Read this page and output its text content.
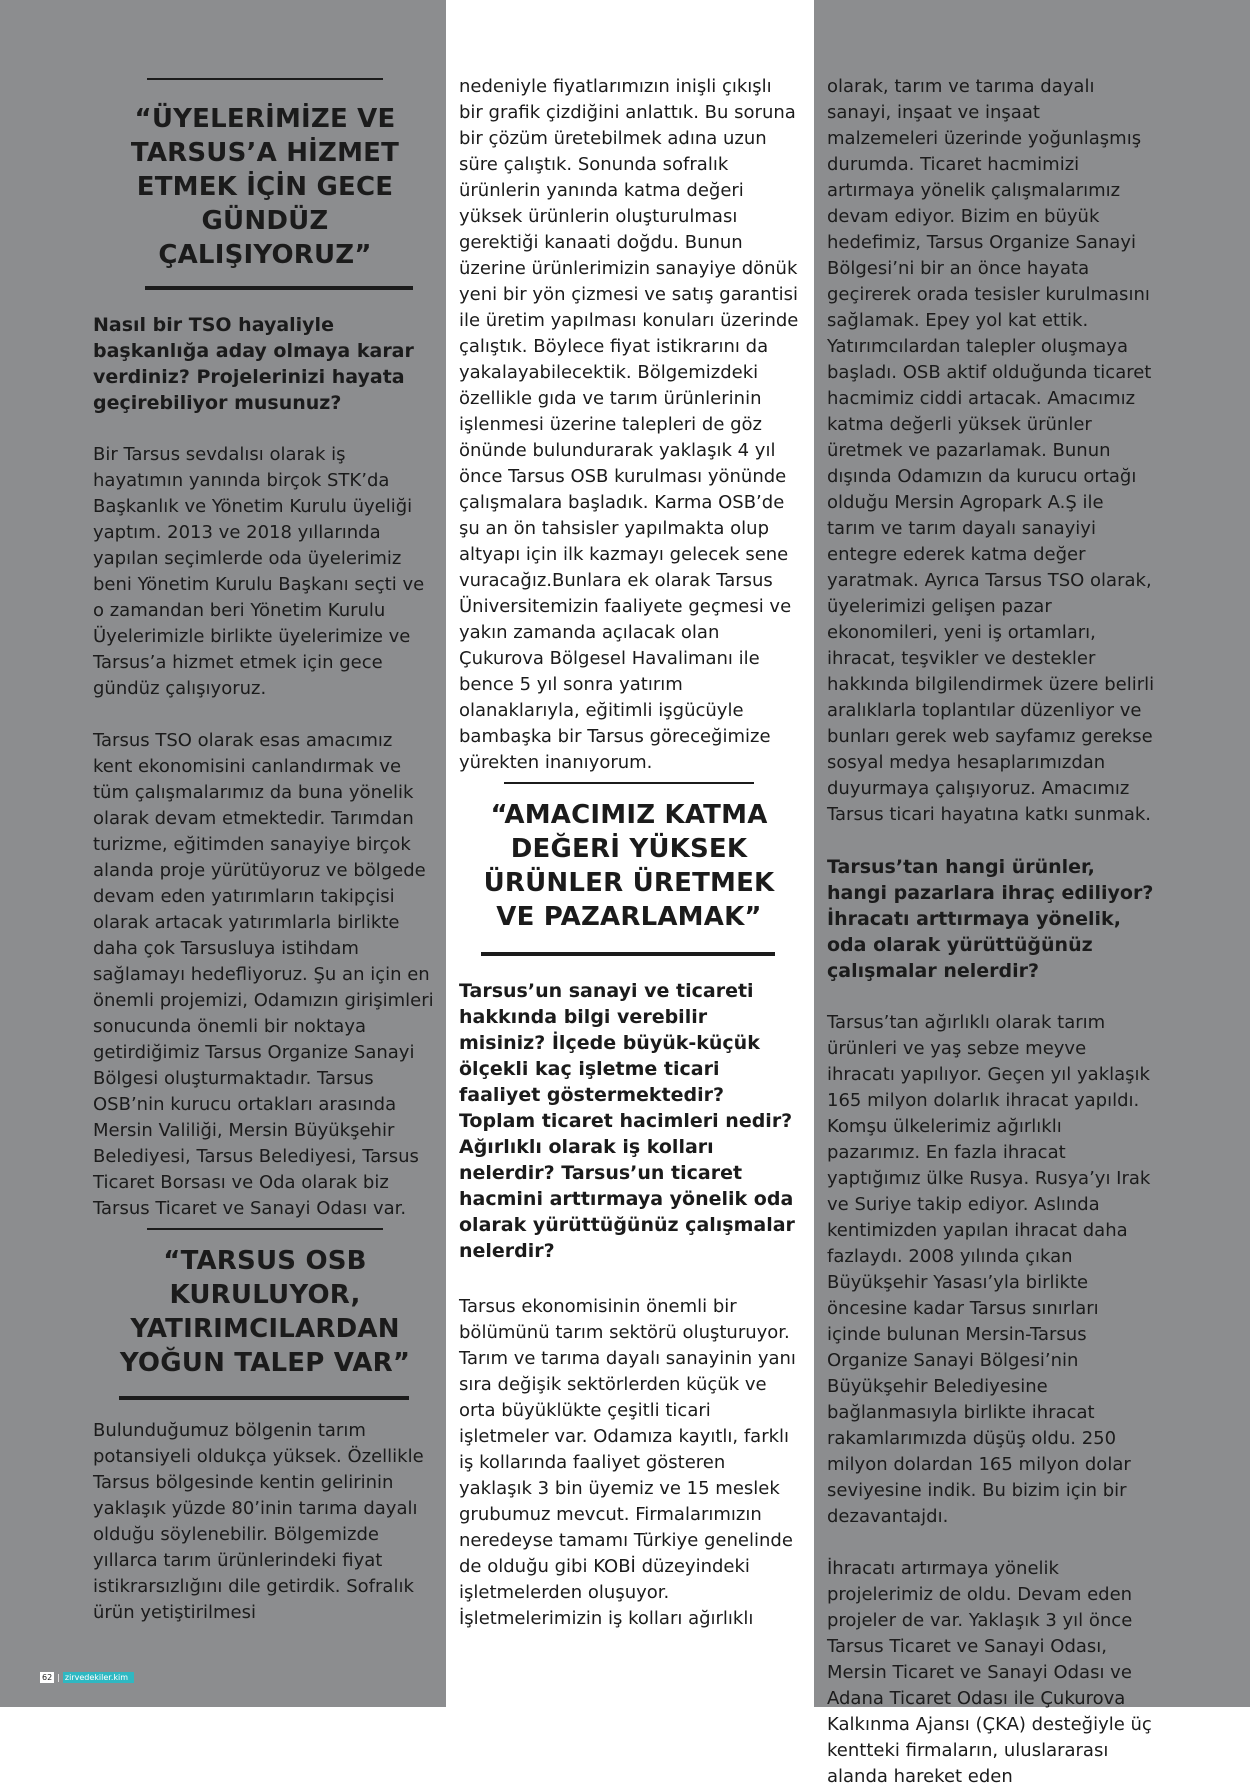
“ÜYELERİMİZE VE TARSUS’A HİZMET ETMEK İÇİN GECE GÜNDÜZ ÇALIŞIYORUZ”

Nasıl bir TSO hayaliyle başkanlığa aday olmaya karar verdiniz? Projelerinizi hayata geçirebiliyor musunuz?

Bir Tarsus sevdalısı olarak iş hayatımın yanında birçok STK’da Başkanlık ve Yönetim Kurulu üyeliği yaptım. 2013 ve 2018 yıllarında yapılan seçimlerde oda üyelerimiz beni Yönetim Kurulu Başkanı seçti ve o zamandan beri Yönetim Kurulu Üyelerimizle birlikte üyelerimize ve Tarsus’a hizmet etmek için gece gündüz çalışıyoruz.

Tarsus TSO olarak esas amacımız kent ekonomisini canlandırmak ve tüm çalışmalarımız da buna yönelik olarak devam etmektedir. Tarımdan turizme, eğitimden sanayiye birçok alanda proje yürütüyoruz ve bölgede devam eden yatırımların takipçisi olarak artacak yatırımlarla birlikte daha çok Tarsusluya istihdam sağlamayı hedefliyoruz. Şu an için en önemli projemizi, Odamızın girişimleri sonucunda önemli bir noktaya getirdiğimiz Tarsus Organize Sanayi Bölgesi oluşturmaktadır. Tarsus OSB’nin kurucu ortakları arasında Mersin Valiliği, Mersin Büyükşehir Belediyesi, Tarsus Belediyesi, Tarsus Ticaret Borsası ve Oda olarak biz Tarsus Ticaret ve Sanayi Odası var.

“TARSUS OSB KURULUYOR, YATIRIMCILARDAN YOĞUN TALEP VAR”

Bulunduğumuz bölgenin tarım potansiyeli oldukça yüksek. Özellikle Tarsus bölgesinde kentin gelirinin yaklaşık yüzde 80’inin tarıma dayalı olduğu söylenebilir. Bölgemizde yıllarca tarım ürünlerindeki fiyat istikrarsızlığını dile getirdik. Sofralık ürün yetiştirilmesi

nedeniyle fiyatlarımızın inişli çıkışlı bir grafik çizdiğini anlattık. Bu soruna bir çözüm üretebilmek adına uzun süre çalıştık. Sonunda sofralık ürünlerin yanında katma değeri yüksek ürünlerin oluşturulması gerektiği kanaati doğdu. Bunun üzerine ürünlerimizin sanayiye dönük yeni bir yön çizmesi ve satış garantisi ile üretim yapılması konuları üzerinde çalıştık. Böylece fiyat istikrarını da yakalayabilecektik. Bölgemizdeki özellikle gıda ve tarım ürünlerinin işlenmesi üzerine talepleri de göz önünde bulundurarak yaklaşık 4 yıl önce Tarsus OSB kurulması yönünde çalışmalara başladık. Karma OSB’de şu an ön tahsisler yapılmakta olup altyapı için ilk kazmayı gelecek sene vuracağız.Bunlara ek olarak Tarsus Üniversitemizin faaliyete geçmesi ve yakın zamanda açılacak olan Çukurova Bölgesel Havalimanı ile bence 5 yıl sonra yatırım olanaklarıyla, eğitimli işgücüyle bambaşka bir Tarsus göreceğimize yürekten inanıyorum.

“AMACIMIZ KATMA DEĞERİ YÜKSEK ÜRÜNLER ÜRETMEK VE PAZARLAMAK”

Tarsus’un sanayi ve ticareti hakkında bilgi verebilir misiniz? İlçede büyük-küçük ölçekli kaç işletme ticari faaliyet göstermektedir? Toplam ticaret hacimleri nedir? Ağırlıklı olarak iş kolları nelerdir? Tarsus’un ticaret hacmini arttırmaya yönelik oda olarak yürüttüğünüz çalışmalar nelerdir?

Tarsus ekonomisinin önemli bir bölümünü tarım sektörü oluşturuyor. Tarım ve tarıma dayalı sanayinin yanı sıra değişik sektörlerden küçük ve orta büyüklükte çeşitli ticari işletmeler var. Odamıza kayıtlı, farklı iş kollarında faaliyet gösteren yaklaşık 3 bin üyemiz ve 15 meslek grubumuz mevcut. Firmalarımızın neredeyse tamamı Türkiye genelinde de olduğu gibi KOBİ düzeyindeki işletmelerden oluşuyor. İşletmelerimizin iş kolları ağırlıklı

olarak, tarım ve tarıma dayalı sanayi, inşaat ve inşaat malzemeleri üzerinde yoğunlaşmış durumda. Ticaret hacmimizi artırmaya yönelik çalışmalarımız devam ediyor. Bizim en büyük hedefimiz, Tarsus Organize Sanayi Bölgesi’ni bir an önce hayata geçirerek orada tesisler kurulmasını sağlamak. Epey yol kat ettik. Yatırımcılardan talepler oluşmaya başladı. OSB aktif olduğunda ticaret hacmimiz ciddi artacak. Amacımız katma değerli yüksek ürünler üretmek ve pazarlamak. Bunun dışında Odamızın da kurucu ortağı olduğu Mersin Agropark A.Ş ile tarım ve tarım dayalı sanayiyi entegre ederek katma değer yaratmak. Ayrıca Tarsus TSO olarak, üyelerimizi gelişen pazar ekonomileri, yeni iş ortamları, ihracat, teşvikler ve destekler hakkında bilgilendirmek üzere belirli aralıklarla toplantılar düzenliyor ve bunları gerek web sayfamız gerekse sosyal medya hesaplarımızdan duyurmaya çalışıyoruz. Amacımız Tarsus ticari hayatına katkı sunmak.

Tarsus’tan hangi ürünler, hangi pazarlara ihraç ediliyor? İhracatı arttırmaya yönelik, oda olarak yürüttüğünüz çalışmalar nelerdir?

Tarsus’tan ağırlıklı olarak tarım ürünleri ve yaş sebze meyve ihracatı yapılıyor. Geçen yıl yaklaşık 165 milyon dolarlık ihracat yapıldı. Komşu ülkelerimiz ağırlıklı pazarımız. En fazla ihracat yaptığımız ülke Rusya. Rusya’yı Irak ve Suriye takip ediyor. Aslında kentimizden yapılan ihracat daha fazlaydı. 2008 yılında çıkan Büyükşehir Yasası’yla birlikte öncesine kadar Tarsus sınırları içinde bulunan Mersin-Tarsus Organize Sanayi Bölgesi’nin Büyükşehir Belediyesine bağlanmasıyla birlikte ihracat rakamlarımızda düşüş oldu. 250 milyon dolardan 165 milyon dolar seviyesine indik. Bu bizim için bir dezavantajdı.

İhracatı artırmaya yönelik projelerimiz de oldu. Devam eden projeler de var. Yaklaşık 3 yıl önce Tarsus Ticaret ve Sanayi Odası, Mersin Ticaret ve Sanayi Odası ve Adana Ticaret Odası ile Çukurova Kalkınma Ajansı (ÇKA) desteğiyle üç kentteki firmaların, uluslararası alanda hareket eden

62 | zirvedekiler.kim
